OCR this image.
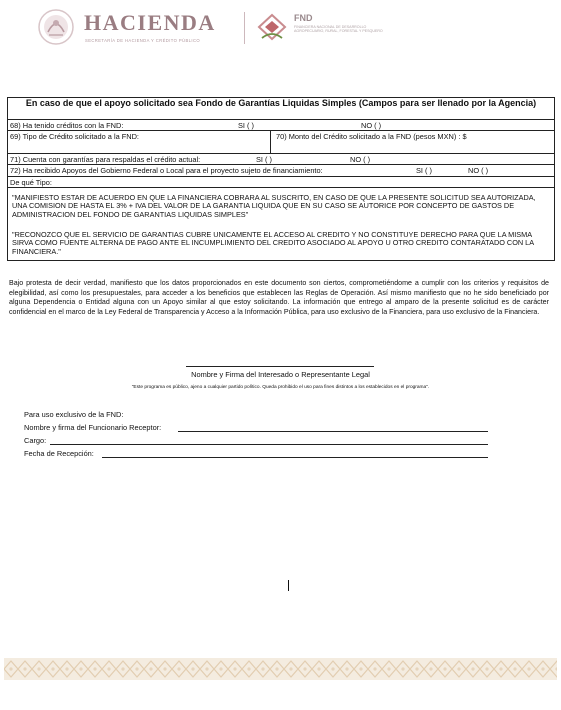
HACIENDA
SECRETARÍA DE HACIENDA Y CRÉDITO PÚBLICO
FND
FINANCIERA NACIONAL DE DESARROLLO AGROPECUARIO, RURAL, FORESTAL Y PESQUERO
En caso de que el apoyo solicitado sea Fondo de Garantías Liquidas Simples (Campos para ser llenado por la Agencia)
68) Ha tenido créditos con la FND:	SI ( )	NO ( )
69) Tipo de Crédito solicitado a la FND:	70) Monto del Crédito solicitado a la FND (pesos MXN) : $
71) Cuenta con garantías para respaldas el crédito actual:	SI ( )	NO ( )
72) Ha recibido Apoyos del Gobierno Federal o Local para el proyecto sujeto de financiamiento:	SI ( )	NO ( )
De qué Tipo:
"MANIFIESTO ESTAR DE ACUERDO EN QUE LA FINANCIERA COBRARA AL SUSCRITO, EN CASO DE QUE LA PRESENTE SOLICITUD SEA AUTORIZADA, UNA COMISION DE HASTA EL 3% + IVA DEL VALOR DE LA GARANTIA LIQUIDA QUE EN SU CASO SE AUTORICE POR CONCEPTO DE GASTOS DE ADMINISTRACION DEL FONDO DE GARANTIAS LIQUIDAS SIMPLES"
"RECONOZCO QUE EL SERVICIO DE GARANTIAS CUBRE UNICAMENTE EL ACCESO AL CREDITO Y NO CONSTITUYE DERECHO PARA QUE LA MISMA SIRVA COMO FUENTE ALTERNA DE PAGO ANTE EL INCUMPLIMIENTO DEL CREDITO ASOCIADO AL APOYO U OTRO CREDITO CONTARATADO CON LA FINANCIERA."
Bajo protesta de decir verdad, manifiesto que los datos proporcionados en este documento son ciertos, comprometiéndome a cumplir con los criterios y requisitos de elegibilidad, así como los presupuestales, para acceder a los beneficios que establecen las Reglas de Operación. Así mismo manifiesto que no he sido beneficiado por alguna Dependencia o Entidad alguna con un Apoyo similar al que estoy solicitando. La información que entrego al amparo de la presente solicitud es de carácter confidencial en el marco de la Ley Federal de Transparencia y Acceso a la Información Pública, para uso exclusivo de la Financiera, para uso exclusivo de la Financiera.
Nombre y Firma del Interesado o Representante Legal
"Este programa es público, ajeno a cualquier partido político. Queda prohibido el uso para fines distintos a los establecidos en el programa".
Para uso exclusivo de la FND:
Nombre y firma del Funcionario Receptor:
Cargo:
Fecha de Recepción:
